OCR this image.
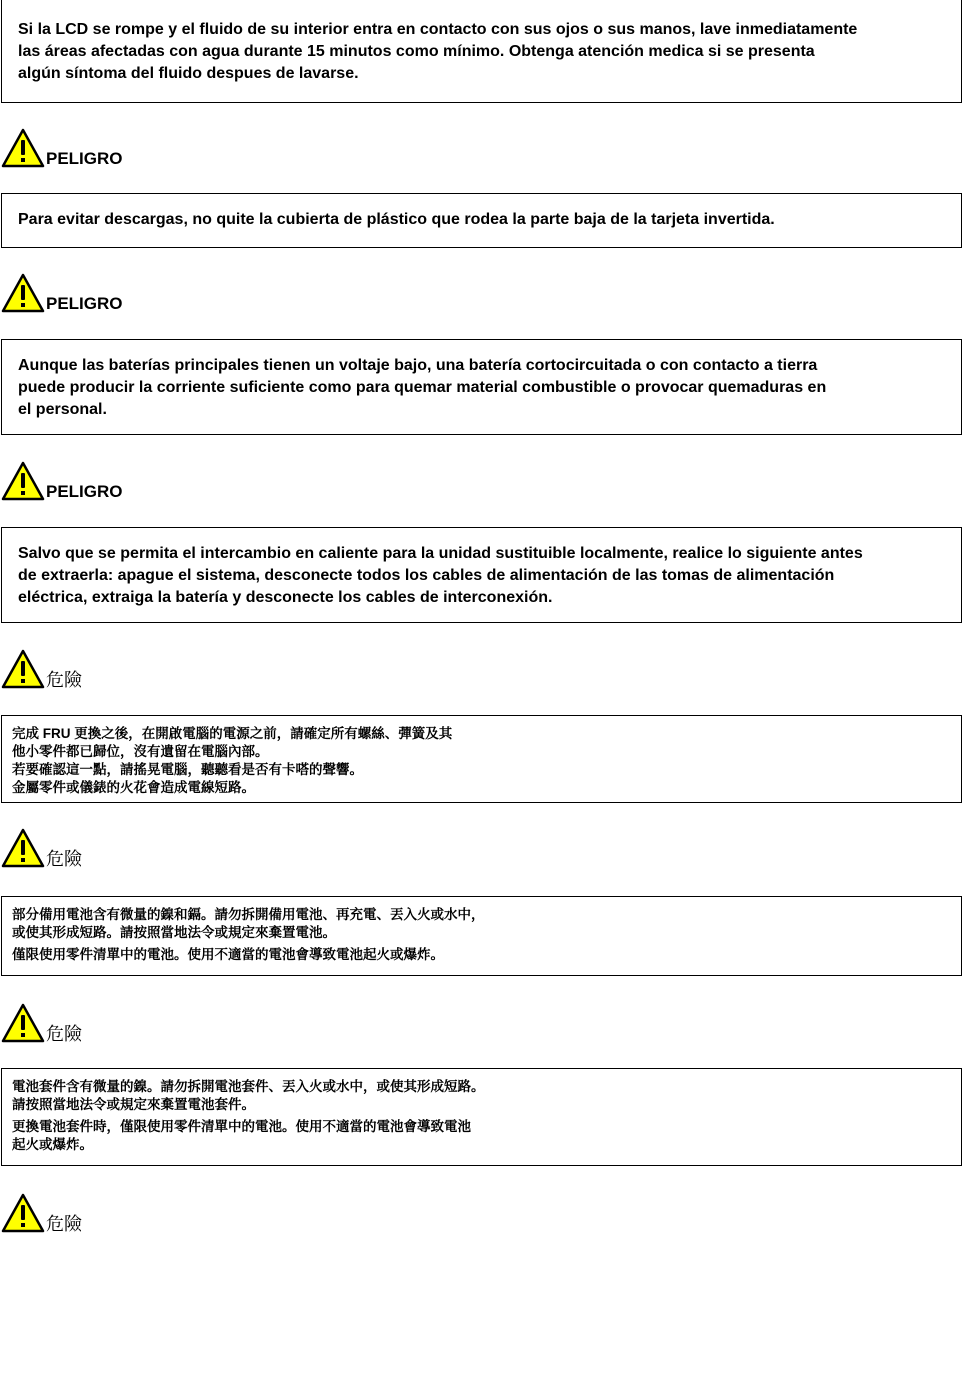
Si la LCD se rompe y el fluido de su interior entra en contacto con sus ojos o sus manos, lave inmediatamente
las áreas afectadas con agua durante 15 minutos como mínimo. Obtenga atención medica si se presenta
algún síntoma del fluido despues de lavarse.

PELIGRO

Para evitar descargas, no quite la cubierta de plástico que rodea la parte baja de la tarjeta invertida.

PELIGRO

Aunque las baterías principales tienen un voltaje bajo, una batería cortocircuitada o con contacto a tierra
puede producir la corriente suficiente como para quemar material combustible o provocar quemaduras en
el personal.

PELIGRO

Salvo que se permita el intercambio en caliente para la unidad sustituible localmente, realice lo siguiente antes
de extraerla: apague el sistema, desconecte todos los cables de alimentación de las tomas de alimentación
eléctrica, extraiga la batería y desconecte los cables de interconexión.

危險

完成 FRU 更換之後，在開啟電腦的電源之前，請確定所有螺絲、彈簧及其
他小零件都已歸位，沒有遺留在電腦內部。
若要確認這一點，請搖晃電腦，聽聽看是否有卡嗒的聲響。
金屬零件或儀錶的火花會造成電線短路。

危險

部分備用電池含有微量的鎳和鎘。請勿拆開備用電池、再充電、丟入火或水中，
或使其形成短路。請按照當地法令或規定來棄置電池。

僅限使用零件清單中的電池。使用不適當的電池會導致電池起火或爆炸。

危險

電池套件含有微量的鎳。請勿拆開電池套件、丟入火或水中，或使其形成短路。
請按照當地法令或規定來棄置電池套件。

更換電池套件時，僅限使用零件清單中的電池。使用不適當的電池會導致電池
起火或爆炸。

危險
